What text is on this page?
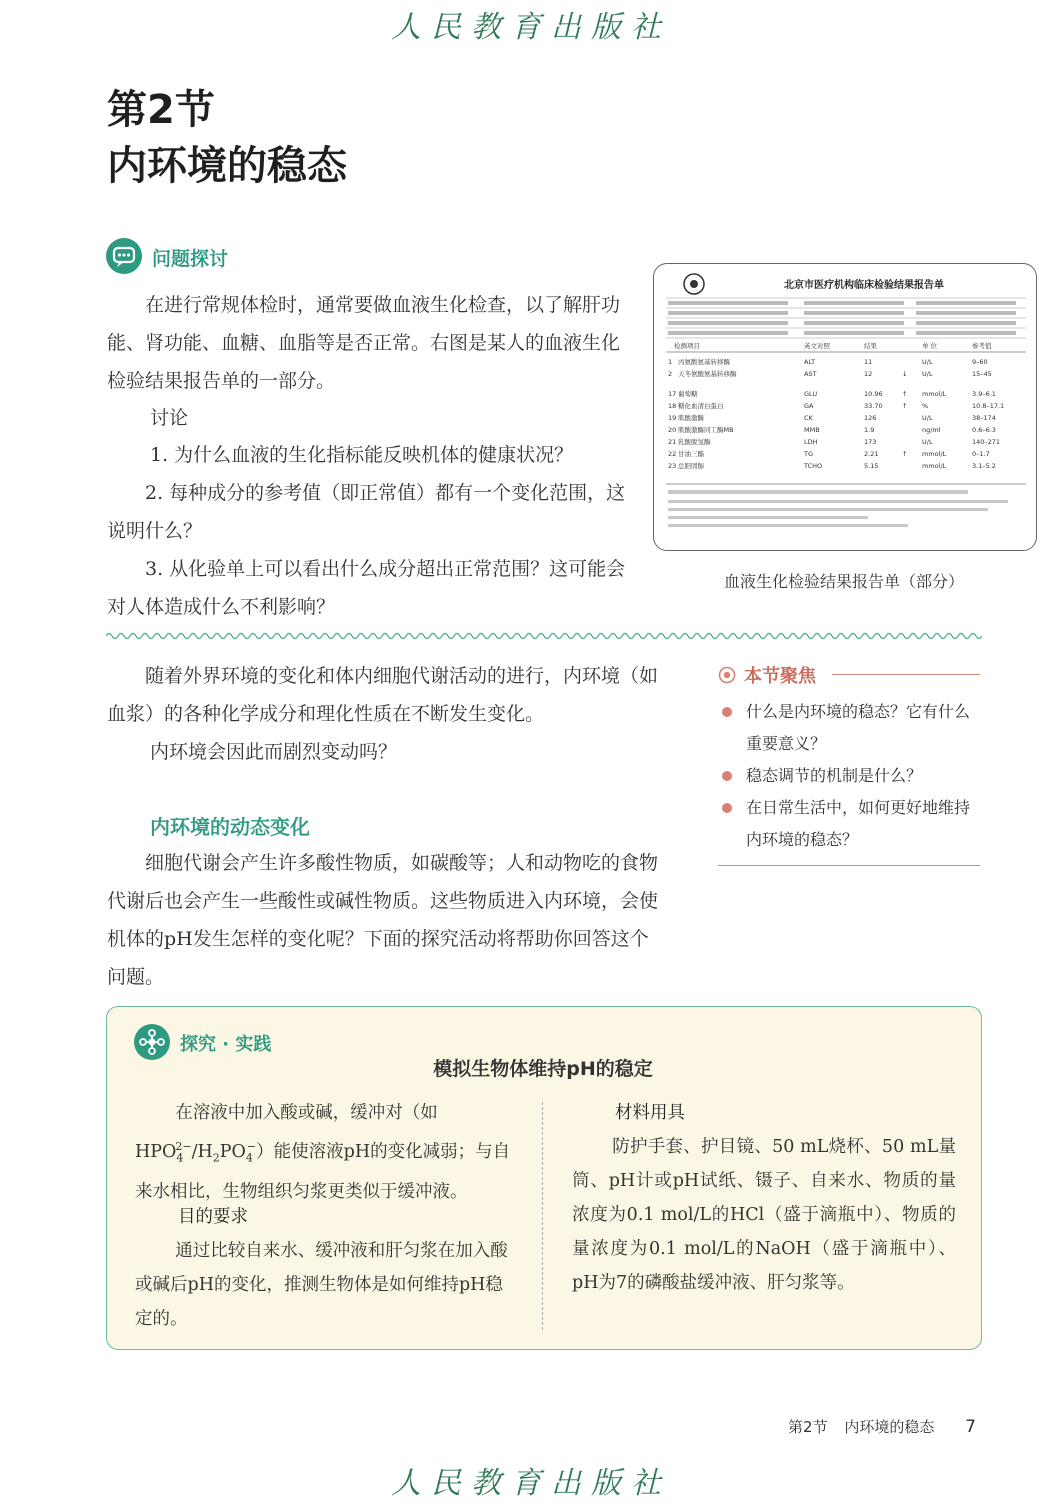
人民教育出版社
第2节
内环境的稳态
问题探讨
在进行常规体检时，通常要做血液生化检查，以了解肝功能、肾功能、血糖、血脂等是否正常。右图是某人的血液生化检验结果报告单的一部分。
讨论
1. 为什么血液的生化指标能反映机体的健康状况？
2. 每种成分的参考值（即正常值）都有一个变化范围，这说明什么？
3. 从化验单上可以看出什么成分超出正常范围？这可能会对人体造成什么不利影响？
北京市医疗机构临床检验结果报告单
检测项目	英文对照	结果	单 位	参考值
1 丙氨酸氨基转移酶	ALT	11	U/L	9–60
2 天冬氨酸氨基转移酶	AST	12	↓ U/L	15–45
17 葡萄糖	GLU	10.96	↑ mmol/L	3.9–6.1
18 糖化血清白蛋白	GA	33.70	↑ %	10.8–17.1
19 肌酸激酶	CK	126	U/L	38–174
20 肌酸激酶同工酶MB	MMB	1.9	ng/ml	0.6–6.3
21 乳酸脱氢酶	LDH	173	U/L	140–271
22 甘油三酯	TG	2.21	↑ mmol/L	0–1.7
23 总胆固醇	TCHO	5.15	mmol/L	3.1–5.2
血液生化检验结果报告单（部分）
随着外界环境的变化和体内细胞代谢活动的进行，内环境（如血浆）的各种化学成分和理化性质在不断发生变化。
内环境会因此而剧烈变动吗？
内环境的动态变化
细胞代谢会产生许多酸性物质，如碳酸等；人和动物吃的食物代谢后也会产生一些酸性或碱性物质。这些物质进入内环境，会使机体的pH发生怎样的变化呢？下面的探究活动将帮助你回答这个问题。
本节聚焦
什么是内环境的稳态？它有什么重要意义？
稳态调节的机制是什么？
在日常生活中，如何更好地维持内环境的稳态？
探究 · 实践
模拟生物体维持pH的稳定
在溶液中加入酸或碱，缓冲对（如$HPO_4^{2-}/H_2PO_4^-$）能使溶液pH的变化减弱；与自来水相比，生物组织匀浆更类似于缓冲液。
目的要求
通过比较自来水、缓冲液和肝匀浆在加入酸或碱后pH的变化，推测生物体是如何维持pH稳定的。
材料用具
防护手套、护目镜、50 mL烧杯、50 mL量筒、pH计或pH试纸、镊子、自来水、物质的量浓度为0.1 mol/L的HCl（盛于滴瓶中）、物质的量浓度为0.1 mol/L的NaOH（盛于滴瓶中）、pH为7的磷酸盐缓冲液、肝匀浆等。
第2节 内环境的稳态 7
人民教育出版社
